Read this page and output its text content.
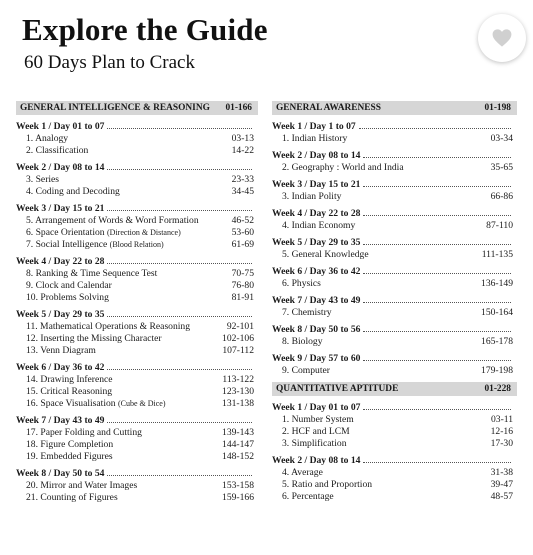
Explore the Guide
60 Days Plan to Crack
GENERAL INTELLIGENCE & REASONING 01-166
Week 1 / Day 01 to 07
1. Analogy	03-13
2. Classification	14-22
Week 2 / Day 08 to 14
3. Series	23-33
4. Coding and Decoding	34-45
Week 3 / Day 15 to 21
5. Arrangement of Words & Word Formation	46-52
6. Space Orientation (Direction & Distance)	53-60
7. Social Intelligence (Blood Relation)	61-69
Week 4 / Day 22 to 28
8. Ranking & Time Sequence Test	70-75
9. Clock and Calendar	76-80
10. Problems Solving	81-91
Week 5 / Day 29 to 35
11. Mathematical Operations & Reasoning	92-101
12. Inserting the Missing Character	102-106
13. Venn Diagram	107-112
Week 6 / Day 36 to 42
14. Drawing Inference	113-122
15. Critical Reasoning	123-130
16. Space Visualisation (Cube & Dice)	131-138
Week 7 / Day 43 to 49
17. Paper Folding and Cutting	139-143
18. Figure Completion	144-147
19. Embedded Figures	148-152
Week 8 / Day 50 to 54
20. Mirror and Water Images	153-158
21. Counting of Figures	159-166
GENERAL AWARENESS	01-198
Week 1 / Day 1 to 07
1. Indian History	03-34
Week 2 / Day 08 to 14
2. Geography : World and India	35-65
Week 3 / Day 15 to 21
3. Indian Polity	66-86
Week 4 / Day 22 to 28
4. Indian Economy	87-110
Week 5 / Day 29 to 35
5. General Knowledge	111-135
Week 6 / Day 36 to 42
6. Physics	136-149
Week 7 / Day 43 to 49
7. Chemistry	150-164
Week 8 / Day 50 to 56
8. Biology	165-178
Week 9 / Day 57 to 60
9. Computer	179-198
QUANTITATIVE APTITUDE	01-228
Week 1 / Day 01 to 07
1. Number System	03-11
2. HCF and LCM	12-16
3. Simplification	17-30
Week 2 / Day 08 to 14
4. Average	31-38
5. Ratio and Proportion	39-47
6. Percentage	48-57
